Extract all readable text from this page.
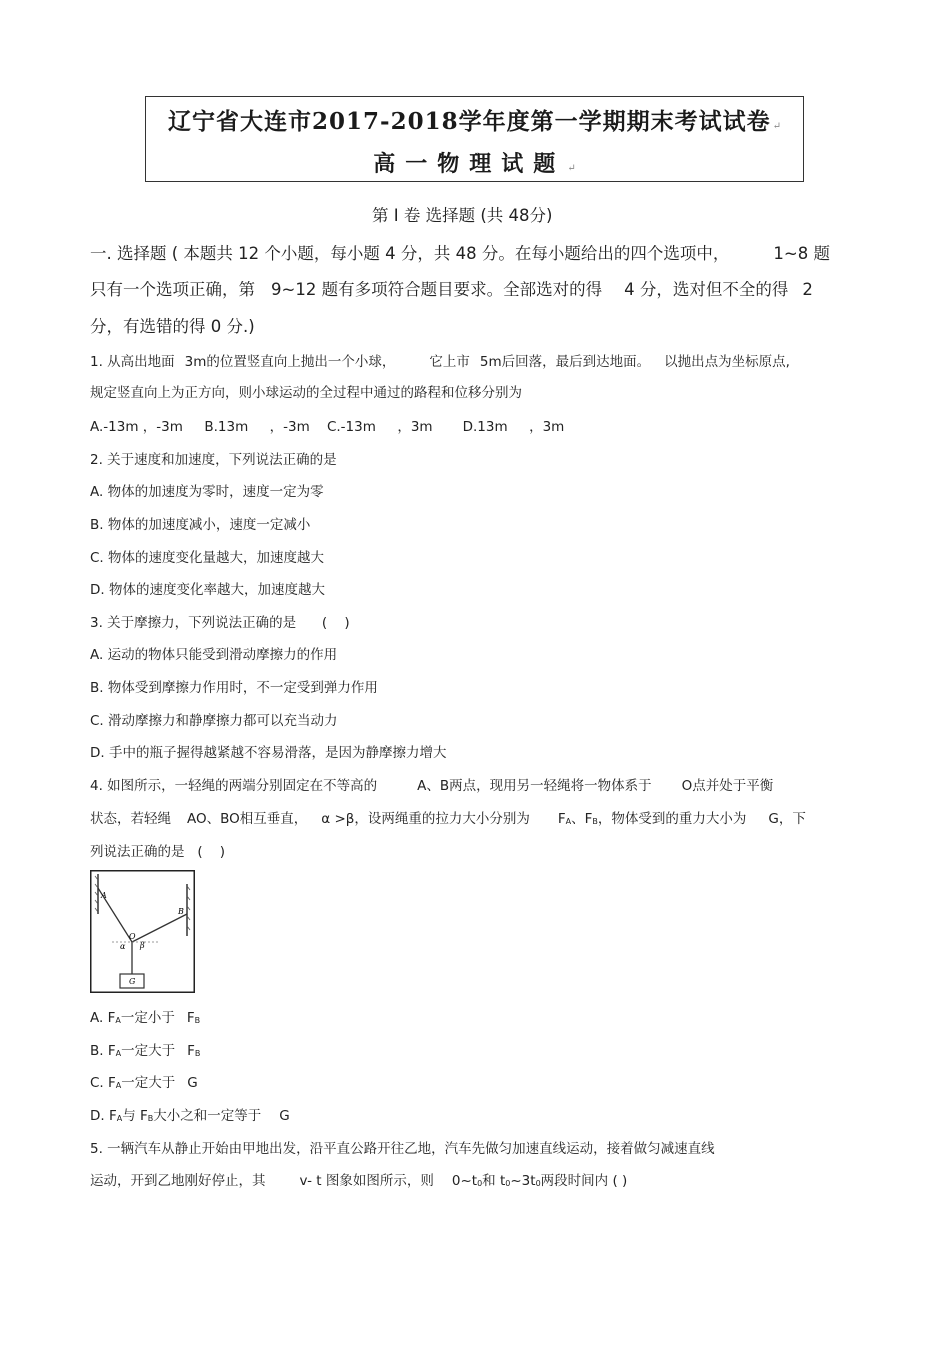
辽宁省大连市2017-2018学年度第一学期期末考试试卷 ↵
高一物理试题 ↵
第 I 卷 选择题 (共 48分)
一. 选择题 ( 本题共 12 个小题，每小题 4 分，共 48 分。在每小题给出的四个选项中，	1~8 题
只有一个选项正确，第 9~12 题有多项符合题目要求。全部选对的得 4 分，选对但不全的得 2
分，有选错的得 0 分.)
1. 从高出地面 3m的位置竖直向上抛出一个小球，	它上市 5m后回落，最后到达地面。 以抛出点为坐标原点,
规定竖直向上为正方向，则小球运动的全过程中通过的路程和位移分别为
A.-13m ，-3m     B.13m     ，-3m    C.-13m     ，3m       D.13m     ，3m
2. 关于速度和加速度，下列说法正确的是
A. 物体的加速度为零时，速度一定为零
B. 物体的加速度减小，速度一定减小
C. 物体的速度变化量越大，加速度越大
D. 物体的速度变化率越大，加速度越大
3. 关于摩擦力，下列说法正确的是      (    )
A. 运动的物体只能受到滑动摩擦力的作用
B. 物体受到摩擦力作用时，不一定受到弹力作用
C. 滑动摩擦力和静摩擦力都可以充当动力
D. 手中的瓶子握得越紧越不容易滑落，是因为静摩擦力增大
4. 如图所示，一轻绳的两端分别固定在不等高的	A、B两点，现用另一轻绳将一物体系于 O点并处于平衡
状态，若轻绳 AO、BO相互垂直， α >β，设两绳重的拉力大小分别为 FA、FB，物体受到的重力大小为 G，下
列说法正确的是   (    )
A
B
O
α β
G
A. FA一定小于 FB
B. FA一定大于 FB
C. FA一定大于 G
D. FA与 FB大小之和一定等于 G
5. 一辆汽车从静止开始由甲地出发，沿平直公路开往乙地，汽车先做匀加速直线运动，接着做匀减速直线
运动，开到乙地刚好停止，其	v- t 图象如图所示，则 0~t0和 t0~3t0两段时间内 ( )
